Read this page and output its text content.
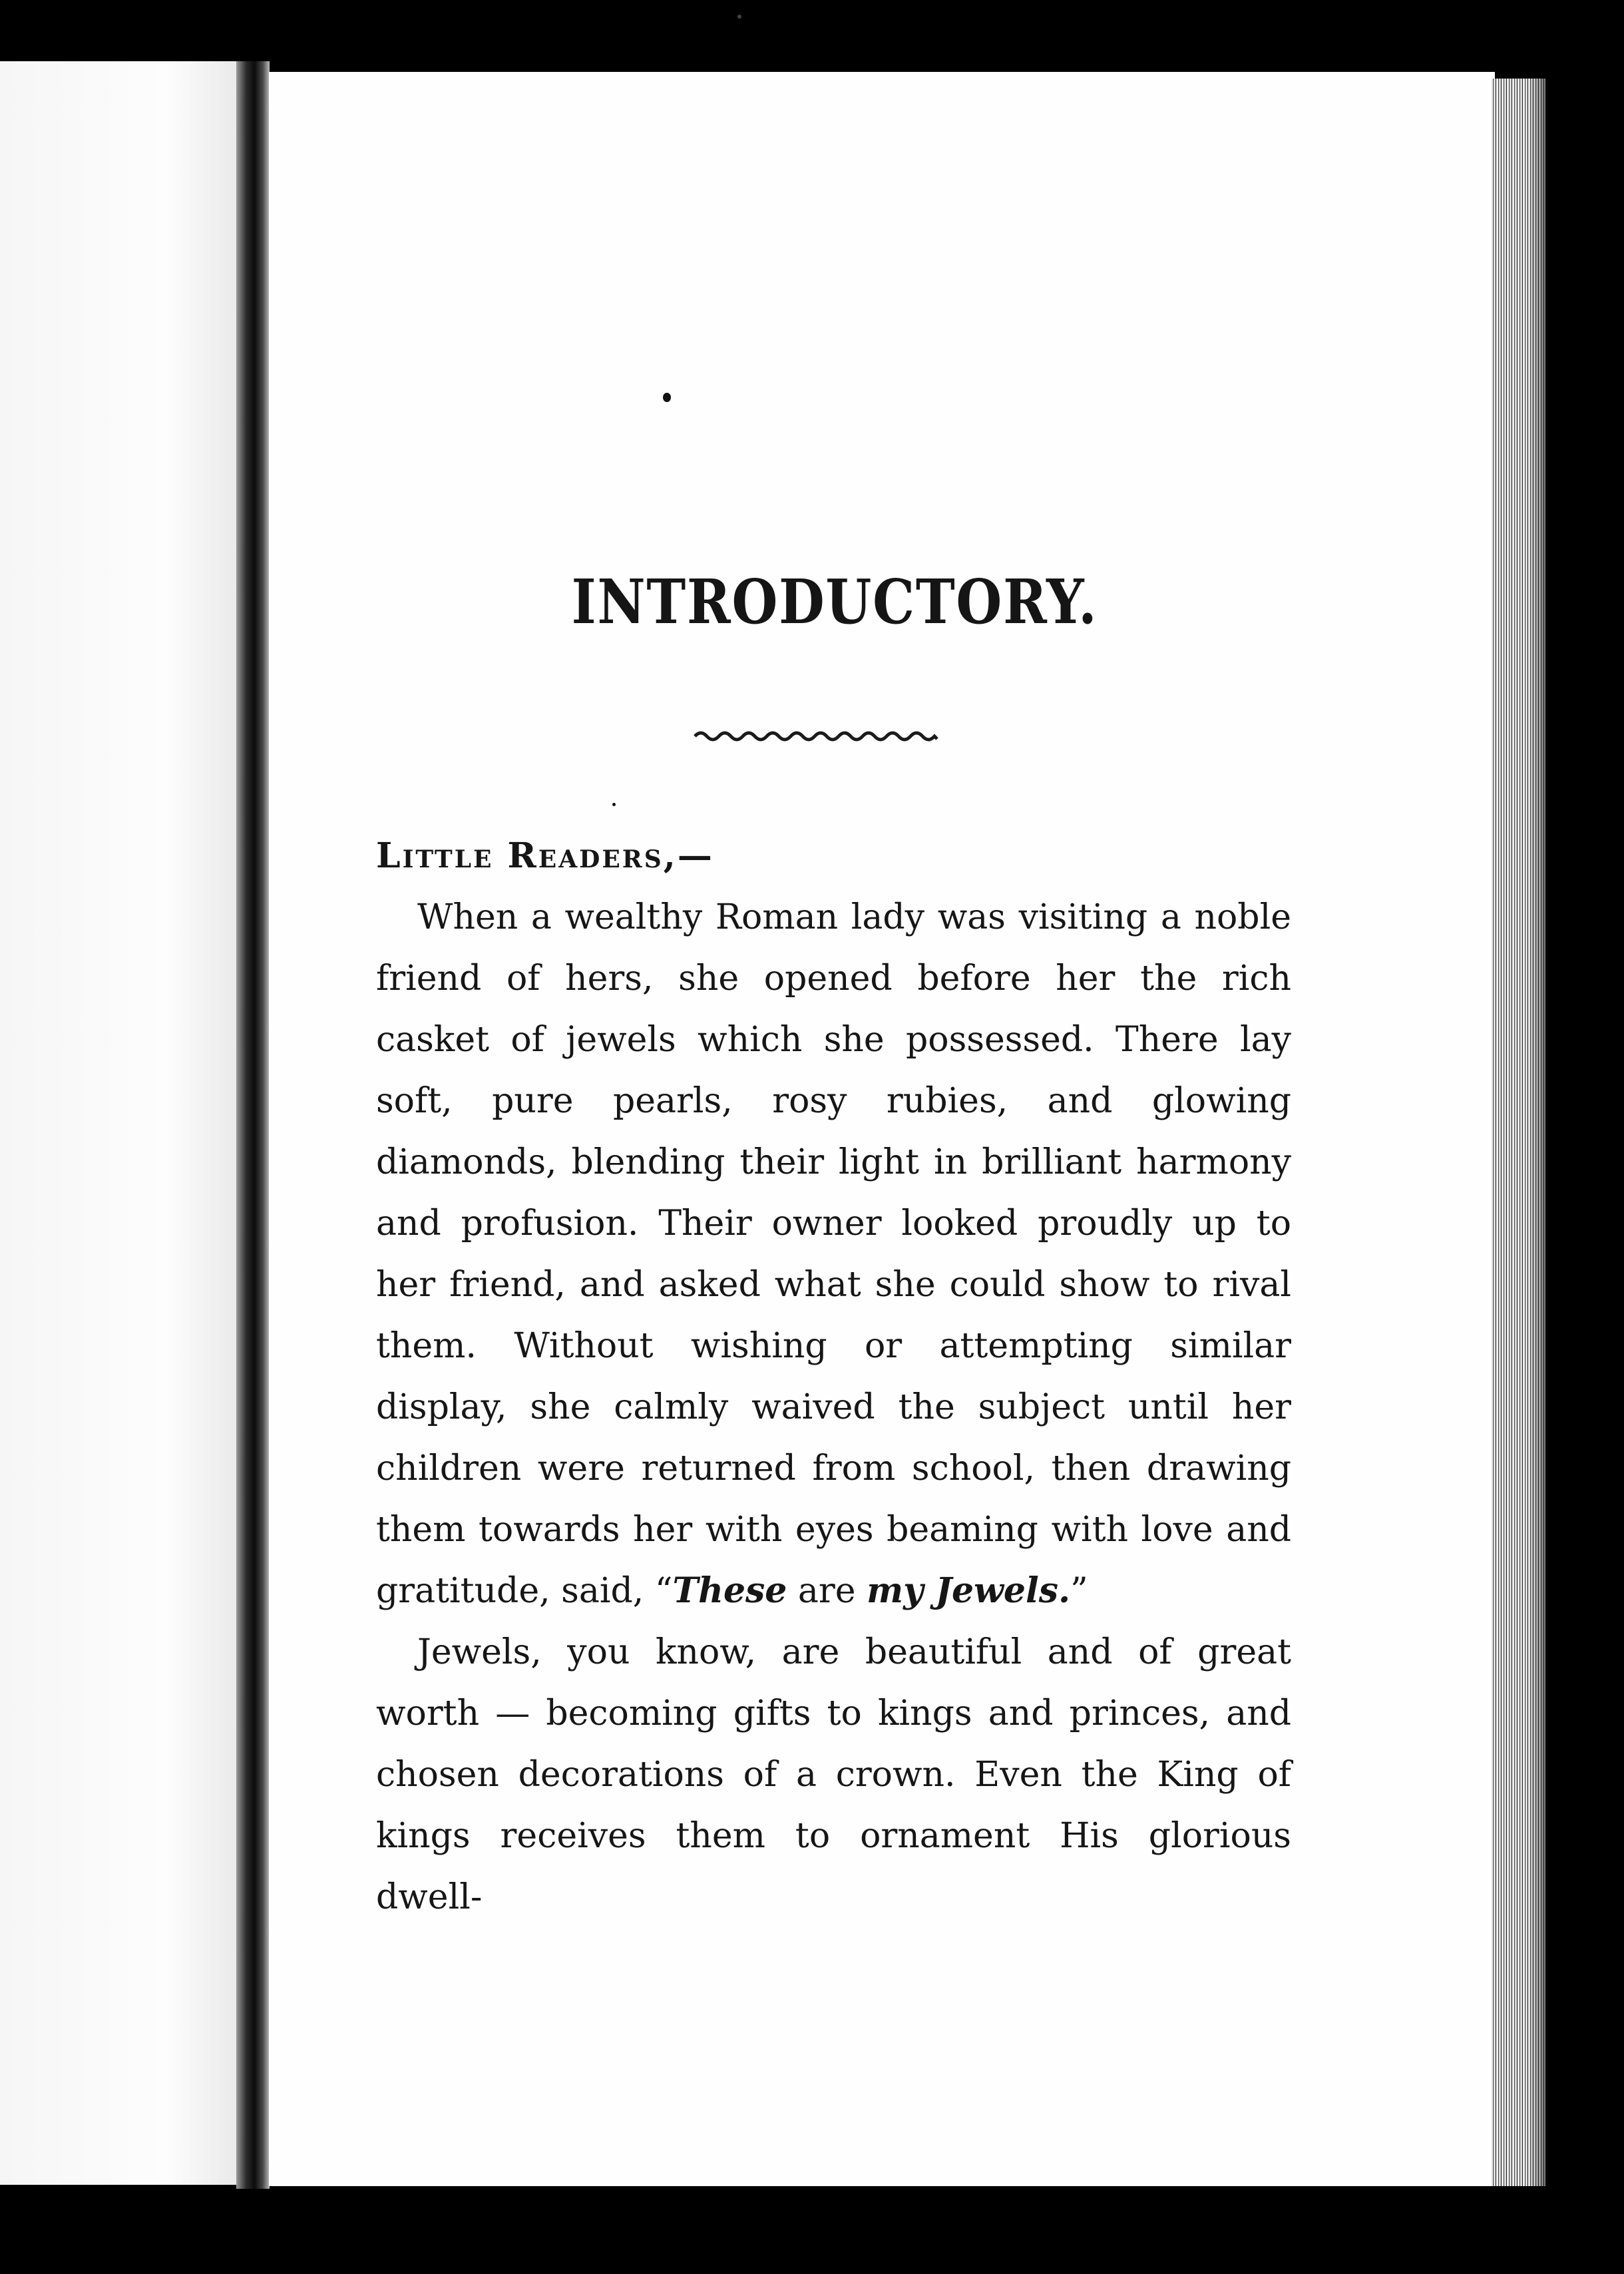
INTRODUCTORY.

Little Readers,—

When a wealthy Roman lady was visiting a noble friend of hers, she opened before her the rich casket of jewels which she possessed. There lay soft, pure pearls, rosy rubies, and glowing diamonds, blending their light in brilliant harmony and profusion. Their owner looked proudly up to her friend, and asked what she could show to rival them. Without wishing or attempting similar display, she calmly waived the subject until her children were returned from school, then drawing them towards her with eyes beaming with love and gratitude, said, “These are my Jewels.”

Jewels, you know, are beautiful and of great worth — becoming gifts to kings and princes, and chosen decorations of a crown. Even the King of kings receives them to ornament His glorious dwell-
